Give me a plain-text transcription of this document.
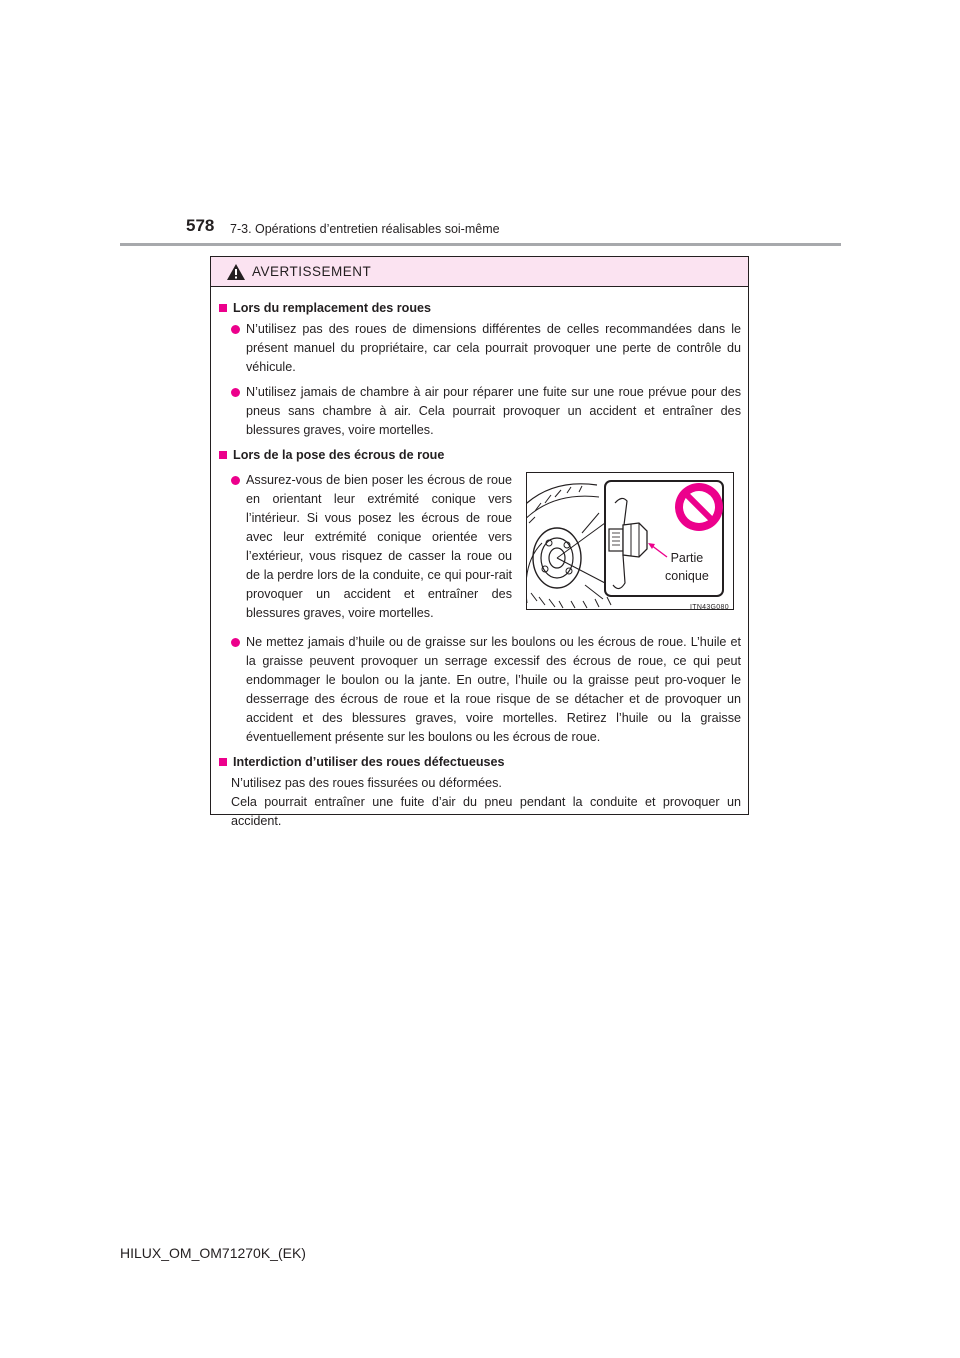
578 7-3. Opérations d’entretien réalisables soi-même
AVERTISSEMENT
Lors du remplacement des roues
N’utilisez pas des roues de dimensions différentes de celles recommandées dans le présent manuel du propriétaire, car cela pourrait provoquer une perte de contrôle du véhicule.
N’utilisez jamais de chambre à air pour réparer une fuite sur une roue prévue pour des pneus sans chambre à air. Cela pourrait provoquer un accident et entraîner des blessures graves, voire mortelles.
Lors de la pose des écrous de roue
Assurez-vous de bien poser les écrous de roue en orientant leur extrémité conique vers l’intérieur. Si vous posez les écrous de roue avec leur extrémité conique orientée vers l’extérieur, vous risquez de casser la roue ou de la perdre lors de la conduite, ce qui pour-rait provoquer un accident et entraîner des blessures graves, voire mortelles.
Partie
conique
ITN43G080
Ne mettez jamais d’huile ou de graisse sur les boulons ou les écrous de roue. L’huile et la graisse peuvent provoquer un serrage excessif des écrous de roue, ce qui peut endommager le boulon ou la jante. En outre, l’huile ou la graisse peut pro-voquer le desserrage des écrous de roue et la roue risque de se détacher et de provoquer un accident et des blessures graves, voire mortelles. Retirez l’huile ou la graisse éventuellement présente sur les boulons ou les écrous de roue.
Interdiction d’utiliser des roues défectueuses
N’utilisez pas des roues fissurées ou déformées.
Cela pourrait entraîner une fuite d’air du pneu pendant la conduite et provoquer un accident.
HILUX_OM_OM71270K_(EK)
